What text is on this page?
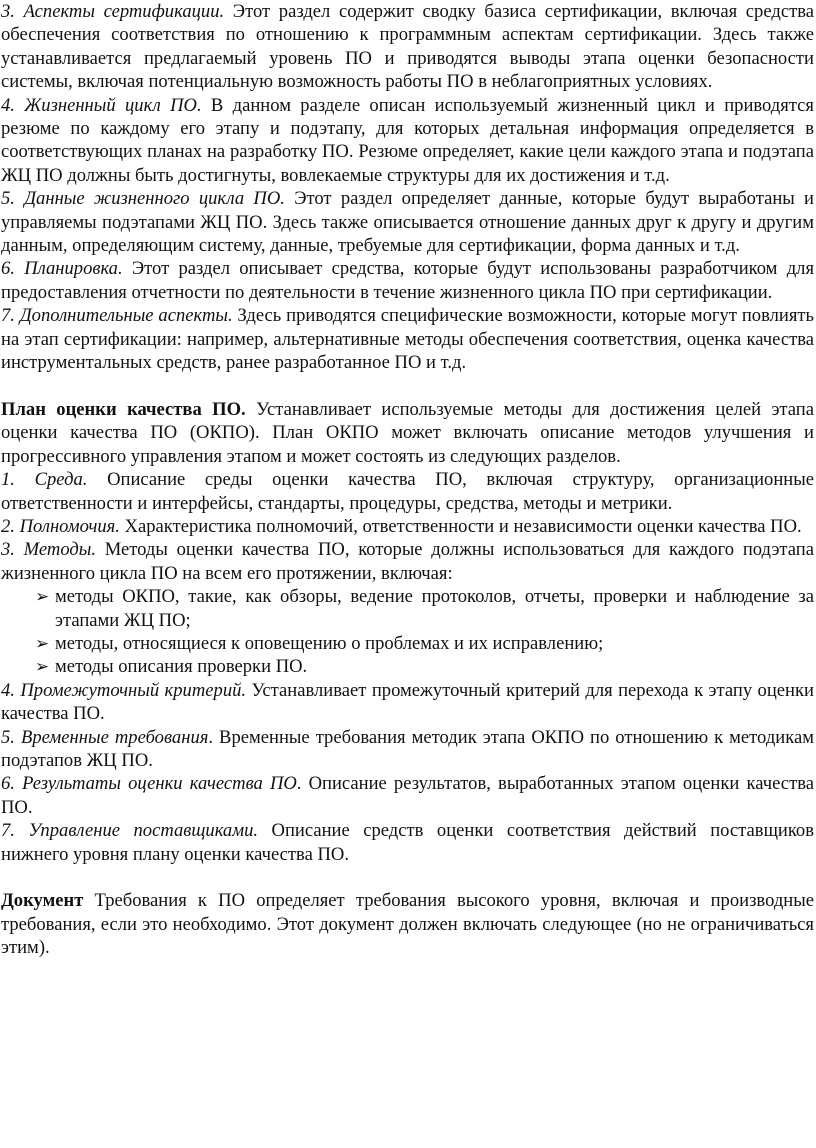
3. Аспекты сертификации. Этот раздел содержит сводку базиса сертификации, включая средства обеспечения соответствия по отношению к программным аспектам сертификации. Здесь также устанавливается предлагаемый уровень ПО и приводятся выводы этапа оценки безопасности системы, включая потенциальную возможность работы ПО в неблагоприятных условиях.

4. Жизненный цикл ПО. В данном разделе описан используемый жизненный цикл и приводятся резюме по каждому его этапу и подэтапу, для которых детальная информация определяется в соответствующих планах на разработку ПО. Резюме определяет, какие цели каждого этапа и подэтапа ЖЦ ПО должны быть достигнуты, вовлекаемые структуры для их достижения и т.д.

5. Данные жизненного цикла ПО. Этот раздел определяет данные, которые будут выработаны и управляемы подэтапами ЖЦ ПО. Здесь также описывается отношение данных друг к другу и другим данным, определяющим систему, данные, требуемые для сертификации, форма данных и т.д.

6. Планировка. Этот раздел описывает средства, которые будут использованы разработчиком для предоставления отчетности по деятельности в течение жизненного цикла ПО при сертификации.

7. Дополнительные аспекты. Здесь приводятся специфические возможности, которые могут повлиять на этап сертификации: например, альтернативные методы обеспечения соответствия, оценка качества инструментальных средств, ранее разработанное ПО и т.д.

План оценки качества ПО. Устанавливает используемые методы для достижения целей этапа оценки качества ПО (ОКПО). План ОКПО может включать описание методов улучшения и прогрессивного управления этапом и может состоять из следующих разделов.

1. Среда. Описание среды оценки качества ПО, включая структуру, организационные ответственности и интерфейсы, стандарты, процедуры, средства, методы и метрики.

2. Полномочия. Характеристика полномочий, ответственности и независимости оценки качества ПО.

3. Методы. Методы оценки качества ПО, которые должны использоваться для каждого подэтапа жизненного цикла ПО на всем его протяжении, включая:

➢ методы ОКПО, такие, как обзоры, ведение протоколов, отчеты, проверки и наблюдение за этапами ЖЦ ПО;
➢ методы, относящиеся к оповещению о проблемах и их исправлению;
➢ методы описания проверки ПО.

4. Промежуточный критерий. Устанавливает промежуточный критерий для перехода к этапу оценки качества ПО.

5. Временные требования. Временные требования методик этапа ОКПО по отношению к методикам подэтапов ЖЦ ПО.

6. Результаты оценки качества ПО. Описание результатов, выработанных этапом оценки качества ПО.

7. Управление поставщиками. Описание средств оценки соответствия действий поставщиков нижнего уровня плану оценки качества ПО.

Документ Требования к ПО определяет требования высокого уровня, включая и производные требования, если это необходимо. Этот документ должен включать следующее (но не ограничиваться этим).
